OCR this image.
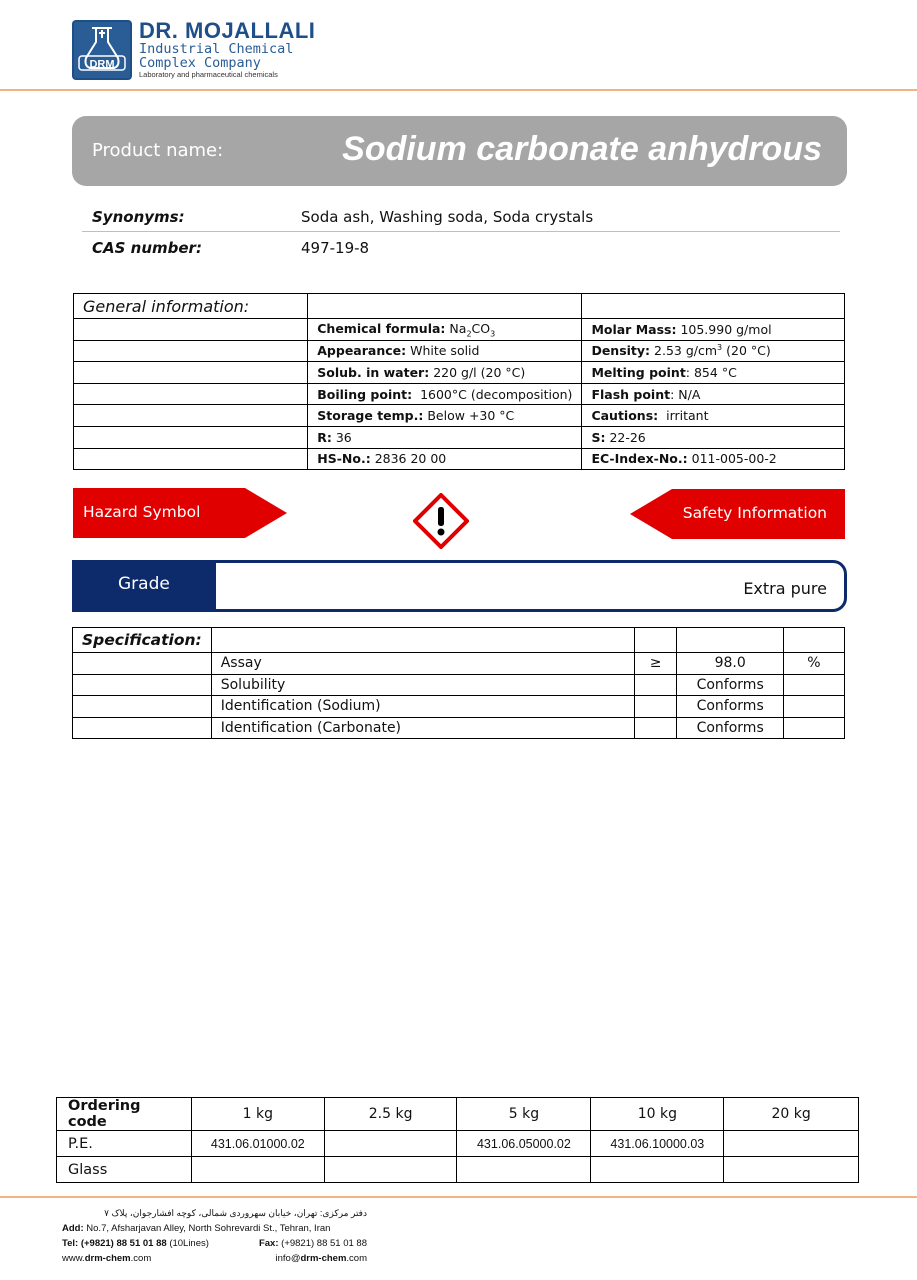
DRM
DR. MOJALLALI
Industrial Chemical
Complex Company
Laboratory and pharmaceutical chemicals
Product name:	Sodium carbonate anhydrous
Synonyms:	Soda ash, Washing soda, Soda crystals
CAS number:	497-19-8
General information:		
	Chemical formula: $Na_2CO_3$	Molar Mass: 105.990 g/mol
	Appearance: White solid	Density: 2.53 $g/cm^3$ (20 °C)
	Solub. in water: 220 g/l (20 °C)	Melting point: 854 °C
	Boiling point: 1600°C (decomposition)	Flash point: N/A
	Storage temp.: Below +30 °C	Cautions: irritant
	R: 36	S: 22-26
	HS-No.: 2836 20 00	EC-Index-No.: 011-005-00-2
Hazard Symbol	Safety Information
Grade	Extra pure
Specification:				
	Assay	≥	98.0	%
	Solubility		Conforms	
	Identification (Sodium)		Conforms	
	Identification (Carbonate)		Conforms	
Ordering code	1 kg	2.5 kg	5 kg	10 kg	20 kg
P.E.	431.06.01000.02		431.06.05000.02	431.06.10000.03	
Glass					
دفتر مرکزی: تهران، خیابان سهروردی شمالی، کوچه افشارجوان، پلاک ۷
Add: No.7, Afsharjavan Alley, North Sohrevardi St., Tehran, Iran
Tel: (+9821) 88 51 01 88 (10Lines)	Fax: (+9821) 88 51 01 88
www.drm-chem.com	info@drm-chem.com
